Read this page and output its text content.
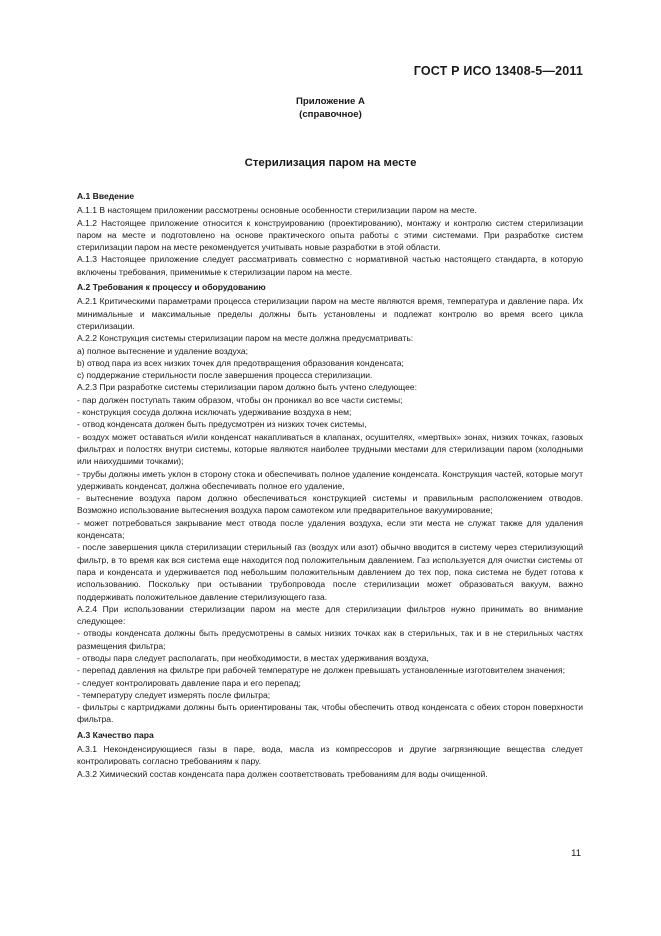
ГОСТ Р ИСО 13408-5—2011
Приложение А
(справочное)
Стерилизация паром на месте

А.1 Введение

А.1.1 В настоящем приложении рассмотрены основные особенности стерилизации паром на месте.

А.1.2 Настоящее приложение относится к конструированию (проектированию), монтажу и контролю систем стерилизации паром на месте и подготовлено на основе практического опыта работы с этими системами. При разработке систем стерилизации паром на месте рекомендуется учитывать новые разработки в этой области.

А.1.3 Настоящее приложение следует рассматривать совместно с нормативной частью настоящего стандарта, в которую включены требования, применимые к стерилизации паром на месте.

А.2 Требования к процессу и оборудованию

А.2.1 Критическими параметрами процесса стерилизации паром на месте являются время, температура и давление пара. Их минимальные и максимальные пределы должны быть установлены и подлежат контролю во время всего цикла стерилизации.

А.2.2 Конструкция системы стерилизации паром на месте должна предусматривать:

a) полное вытеснение и удаление воздуха;

b) отвод пара из всех низких точек для предотвращения образования конденсата;

c) поддержание стерильности после завершения процесса стерилизации.

А.2.3 При разработке системы стерилизации паром должно быть учтено следующее:

- пар должен поступать таким образом, чтобы он проникал во все части системы;

- конструкция сосуда должна исключать удерживание воздуха в нем;

- отвод конденсата должен быть предусмотрен из низких точек системы,

- воздух может оставаться и/или конденсат накапливаться в клапанах, осушителях, «мертвых» зонах, низких точках, газовых фильтрах и полостях внутри системы, которые являются наиболее трудными местами для стерилизации паром (холодными или наихудшими точками);

- трубы должны иметь уклон в сторону стока и обеспечивать полное удаление конденсата. Конструкция частей, которые могут удерживать конденсат, должна обеспечивать полное его удаление,

- вытеснение воздуха паром должно обеспечиваться конструкцией системы и правильным расположением отводов. Возможно использование вытеснения воздуха паром самотеком или предварительное вакуумирование;

- может потребоваться закрывание мест отвода после удаления воздуха, если эти места не служат также для удаления конденсата;

- после завершения цикла стерилизации стерильный газ (воздух или азот) обычно вводится в систему через стерилизующий фильтр, в то время как вся система еще находится под положительным давлением. Газ используется для очистки системы от пара и конденсата и удерживается под небольшим положительным давлением до тех пор, пока система не будет готова к использованию. Поскольку при остывании трубопровода после стерилизации может образоваться вакуум, важно поддерживать положительное давление стерилизующего газа.

А.2.4 При использовании стерилизации паром на месте для стерилизации фильтров нужно принимать во внимание следующее:

- отводы конденсата должны быть предусмотрены в самых низких точках как в стерильных, так и в не стерильных частях размещения фильтра;

- отводы пара следует располагать, при необходимости, в местах удерживания воздуха,

- перепад давления на фильтре при рабочей температуре не должен превышать установленные изготовителем значения;

- следует контролировать давление пара и его перепад;

- температуру следует измерять после фильтра;

- фильтры с картриджами должны быть ориентированы так, чтобы обеспечить отвод конденсата с обеих сторон поверхности фильтра.

А.3 Качество пара

А.3.1 Неконденсирующиеся газы в паре, вода, масла из компрессоров и другие загрязняющие вещества следует контролировать согласно требованиям к пару.

А.3.2 Химический состав конденсата пара должен соответствовать требованиям для воды очищенной.

11
